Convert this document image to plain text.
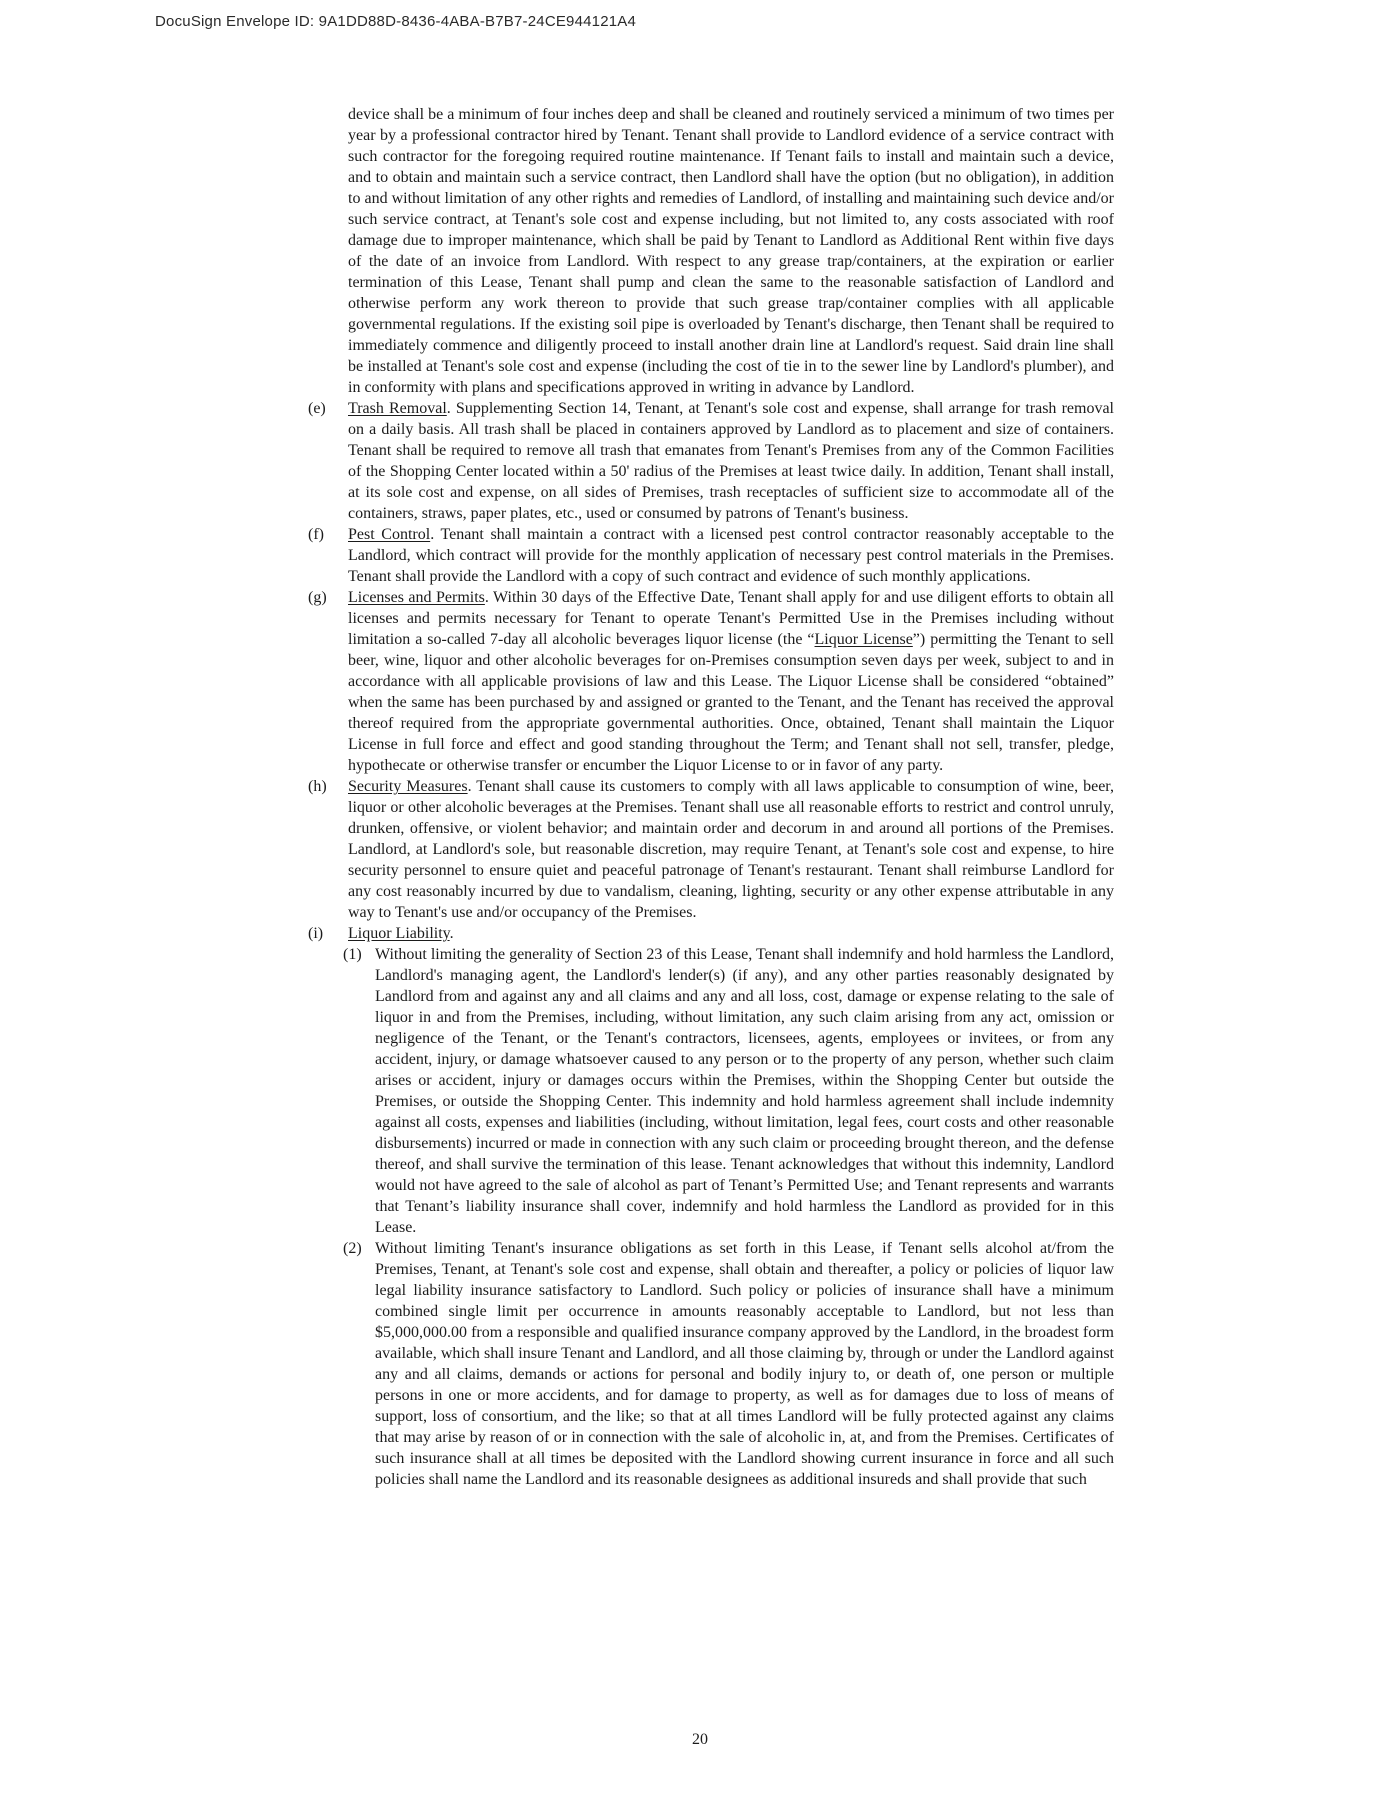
DocuSign Envelope ID: 9A1DD88D-8436-4ABA-B7B7-24CE944121A4

device shall be a minimum of four inches deep and shall be cleaned and routinely serviced a minimum of two times per year by a professional contractor hired by Tenant. Tenant shall provide to Landlord evidence of a service contract with such contractor for the foregoing required routine maintenance. If Tenant fails to install and maintain such a device, and to obtain and maintain such a service contract, then Landlord shall have the option (but no obligation), in addition to and without limitation of any other rights and remedies of Landlord, of installing and maintaining such device and/or such service contract, at Tenant's sole cost and expense including, but not limited to, any costs associated with roof damage due to improper maintenance, which shall be paid by Tenant to Landlord as Additional Rent within five days of the date of an invoice from Landlord. With respect to any grease trap/containers, at the expiration or earlier termination of this Lease, Tenant shall pump and clean the same to the reasonable satisfaction of Landlord and otherwise perform any work thereon to provide that such grease trap/container complies with all applicable governmental regulations. If the existing soil pipe is overloaded by Tenant's discharge, then Tenant shall be required to immediately commence and diligently proceed to install another drain line at Landlord's request. Said drain line shall be installed at Tenant's sole cost and expense (including the cost of tie in to the sewer line by Landlord's plumber), and in conformity with plans and specifications approved in writing in advance by Landlord.

(e) Trash Removal. Supplementing Section 14, Tenant, at Tenant's sole cost and expense, shall arrange for trash removal on a daily basis. All trash shall be placed in containers approved by Landlord as to placement and size of containers. Tenant shall be required to remove all trash that emanates from Tenant's Premises from any of the Common Facilities of the Shopping Center located within a 50' radius of the Premises at least twice daily. In addition, Tenant shall install, at its sole cost and expense, on all sides of Premises, trash receptacles of sufficient size to accommodate all of the containers, straws, paper plates, etc., used or consumed by patrons of Tenant's business.

(f) Pest Control. Tenant shall maintain a contract with a licensed pest control contractor reasonably acceptable to the Landlord, which contract will provide for the monthly application of necessary pest control materials in the Premises. Tenant shall provide the Landlord with a copy of such contract and evidence of such monthly applications.

(g) Licenses and Permits. Within 30 days of the Effective Date, Tenant shall apply for and use diligent efforts to obtain all licenses and permits necessary for Tenant to operate Tenant's Permitted Use in the Premises including without limitation a so-called 7-day all alcoholic beverages liquor license (the “Liquor License”) permitting the Tenant to sell beer, wine, liquor and other alcoholic beverages for on-Premises consumption seven days per week, subject to and in accordance with all applicable provisions of law and this Lease. The Liquor License shall be considered “obtained” when the same has been purchased by and assigned or granted to the Tenant, and the Tenant has received the approval thereof required from the appropriate governmental authorities. Once, obtained, Tenant shall maintain the Liquor License in full force and effect and good standing throughout the Term; and Tenant shall not sell, transfer, pledge, hypothecate or otherwise transfer or encumber the Liquor License to or in favor of any party.

(h) Security Measures. Tenant shall cause its customers to comply with all laws applicable to consumption of wine, beer, liquor or other alcoholic beverages at the Premises. Tenant shall use all reasonable efforts to restrict and control unruly, drunken, offensive, or violent behavior; and maintain order and decorum in and around all portions of the Premises. Landlord, at Landlord's sole, but reasonable discretion, may require Tenant, at Tenant's sole cost and expense, to hire security personnel to ensure quiet and peaceful patronage of Tenant's restaurant. Tenant shall reimburse Landlord for any cost reasonably incurred by due to vandalism, cleaning, lighting, security or any other expense attributable in any way to Tenant's use and/or occupancy of the Premises.

(i) Liquor Liability.

(1) Without limiting the generality of Section 23 of this Lease, Tenant shall indemnify and hold harmless the Landlord, Landlord's managing agent, the Landlord's lender(s) (if any), and any other parties reasonably designated by Landlord from and against any and all claims and any and all loss, cost, damage or expense relating to the sale of liquor in and from the Premises, including, without limitation, any such claim arising from any act, omission or negligence of the Tenant, or the Tenant's contractors, licensees, agents, employees or invitees, or from any accident, injury, or damage whatsoever caused to any person or to the property of any person, whether such claim arises or accident, injury or damages occurs within the Premises, within the Shopping Center but outside the Premises, or outside the Shopping Center. This indemnity and hold harmless agreement shall include indemnity against all costs, expenses and liabilities (including, without limitation, legal fees, court costs and other reasonable disbursements) incurred or made in connection with any such claim or proceeding brought thereon, and the defense thereof, and shall survive the termination of this lease. Tenant acknowledges that without this indemnity, Landlord would not have agreed to the sale of alcohol as part of Tenant’s Permitted Use; and Tenant represents and warrants that Tenant’s liability insurance shall cover, indemnify and hold harmless the Landlord as provided for in this Lease.

(2) Without limiting Tenant's insurance obligations as set forth in this Lease, if Tenant sells alcohol at/from the Premises, Tenant, at Tenant's sole cost and expense, shall obtain and thereafter, a policy or policies of liquor law legal liability insurance satisfactory to Landlord. Such policy or policies of insurance shall have a minimum combined single limit per occurrence in amounts reasonably acceptable to Landlord, but not less than $5,000,000.00 from a responsible and qualified insurance company approved by the Landlord, in the broadest form available, which shall insure Tenant and Landlord, and all those claiming by, through or under the Landlord against any and all claims, demands or actions for personal and bodily injury to, or death of, one person or multiple persons in one or more accidents, and for damage to property, as well as for damages due to loss of means of support, loss of consortium, and the like; so that at all times Landlord will be fully protected against any claims that may arise by reason of or in connection with the sale of alcoholic in, at, and from the Premises. Certificates of such insurance shall at all times be deposited with the Landlord showing current insurance in force and all such policies shall name the Landlord and its reasonable designees as additional insureds and shall provide that such

20
